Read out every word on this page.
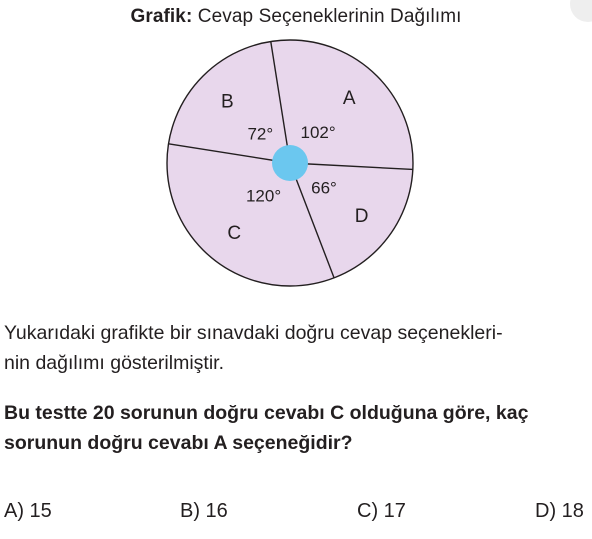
Grafik: Cevap Seçeneklerinin Dağılımı
A
B
C
D
102°
72°
120° 66°
Yukarıdaki grafikte bir sınavdaki doğru cevap seçenekleri-
nin dağılımı gösterilmiştir.
Bu testte 20 sorunun doğru cevabı C olduğuna göre, kaç
sorunun doğru cevabı A seçeneğidir?
A) 15	B) 16	C) 17	D) 18
